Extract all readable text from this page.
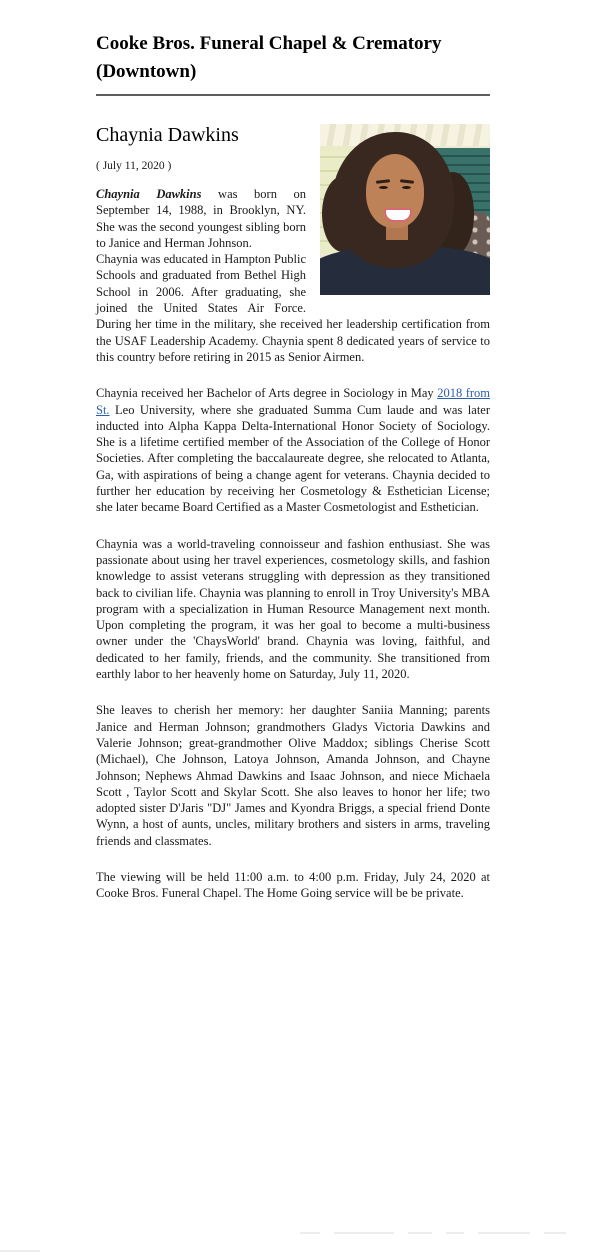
Cooke Bros. Funeral Chapel & Crematory (Downtown)
Chaynia Dawkins
( July 11, 2020 )

Chaynia Dawkins was born on September 14, 1988, in Brooklyn, NY. She was the second youngest sibling born to Janice and Herman Johnson.

Chaynia was educated in Hampton Public Schools and graduated from Bethel High School in 2006. After graduating, she joined the United States Air Force. During her time in the military, she received her leadership certification from the USAF Leadership Academy. Chaynia spent 8 dedicated years of service to this country before retiring in 2015 as Senior Airmen.

Chaynia received her Bachelor of Arts degree in Sociology in May 2018 from St. Leo University, where she graduated Summa Cum laude and was later inducted into Alpha Kappa Delta-International Honor Society of Sociology. She is a lifetime certified member of the Association of the College of Honor Societies. After completing the baccalaureate degree, she relocated to Atlanta, Ga, with aspirations of being a change agent for veterans. Chaynia decided to further her education by receiving her Cosmetology & Esthetician License; she later became Board Certified as a Master Cosmetologist and Esthetician.

Chaynia was a world-traveling connoisseur and fashion enthusiast. She was passionate about using her travel experiences, cosmetology skills, and fashion knowledge to assist veterans struggling with depression as they transitioned back to civilian life. Chaynia was planning to enroll in Troy University's MBA program with a specialization in Human Resource Management next month. Upon completing the program, it was her goal to become a multi-business owner under the 'ChaysWorld' brand. Chaynia was loving, faithful, and dedicated to her family, friends, and the community. She transitioned from earthly labor to her heavenly home on Saturday, July 11, 2020.

She leaves to cherish her memory: her daughter Saniia Manning; parents Janice and Herman Johnson; grandmothers Gladys Victoria Dawkins and Valerie Johnson; great-grandmother Olive Maddox; siblings Cherise Scott (Michael), Che Johnson, Latoya Johnson, Amanda Johnson, and Chayne Johnson; Nephews Ahmad Dawkins and Isaac Johnson, and niece Michaela Scott , Taylor Scott and Skylar Scott. She also leaves to honor her life; two adopted sister D'Jaris "DJ" James and Kyondra Briggs, a special friend Donte Wynn, a host of aunts, uncles, military brothers and sisters in arms, traveling friends and classmates.

The viewing will be held 11:00 a.m. to 4:00 p.m. Friday, July 24, 2020 at Cooke Bros. Funeral Chapel. The Home Going service will be be private.
